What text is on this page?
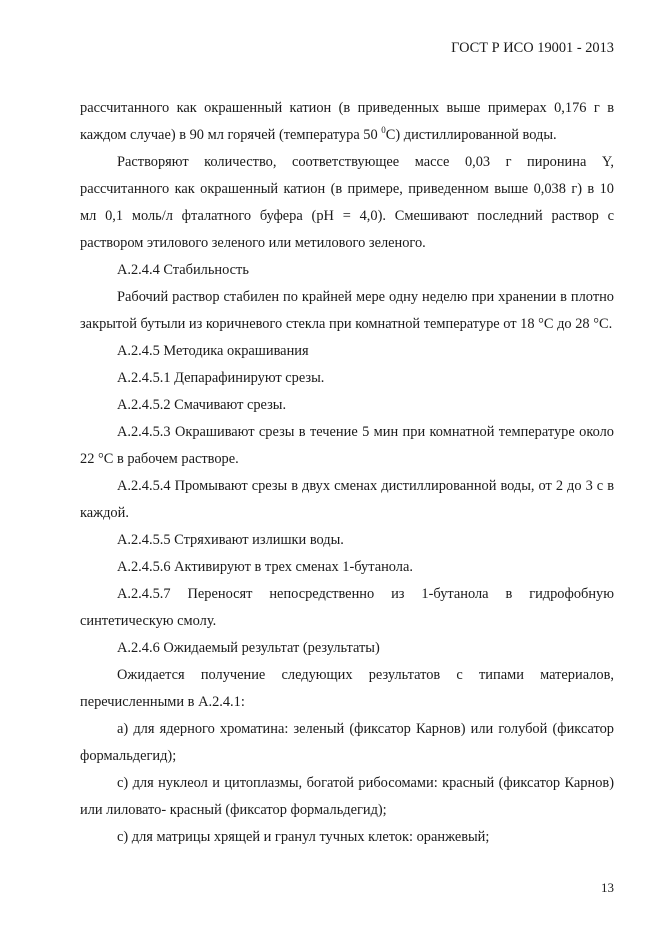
ГОСТ Р ИСО 19001 - 2013

рассчитанного как окрашенный катион (в приведенных выше примерах 0,176 г в каждом случае) в 90 мл горячей (температура 50 $^0$С) дистиллированной воды.

Растворяют количество, соответствующее массе 0,03 г пиронина Y, рассчитанного как окрашенный катион (в примере, приведенном выше 0,038 г) в 10 мл 0,1 моль/л фталатного буфера (рН = 4,0). Смешивают последний раствор с раствором этилового зеленого или метилового зеленого.

А.2.4.4 Стабильность

Рабочий раствор стабилен по крайней мере одну неделю при хранении в плотно закрытой бутыли из коричневого стекла при комнатной температуре от 18 °С до 28 °С.

А.2.4.5 Методика окрашивания

А.2.4.5.1 Депарафинируют срезы.

А.2.4.5.2 Смачивают срезы.

А.2.4.5.3 Окрашивают срезы в течение 5 мин при комнатной температуре около 22 °С в рабочем растворе.

А.2.4.5.4 Промывают срезы в двух сменах дистиллированной воды, от 2 до 3 с в каждой.

А.2.4.5.5 Стряхивают излишки воды.

А.2.4.5.6 Активируют в трех сменах 1-бутанола.

А.2.4.5.7 Переносят непосредственно из 1-бутанола в гидрофобную синтетическую смолу.

А.2.4.6 Ожидаемый результат (результаты)

Ожидается получение следующих результатов с типами материалов, перечисленными в А.2.4.1:

а) для ядерного хроматина: зеленый (фиксатор Карнов) или голубой (фиксатор формальдегид);

с) для нуклеол и цитоплазмы, богатой рибосомами: красный (фиксатор Карнов) или лиловато- красный (фиксатор формальдегид);

с) для матрицы хрящей и гранул тучных клеток: оранжевый;

13
